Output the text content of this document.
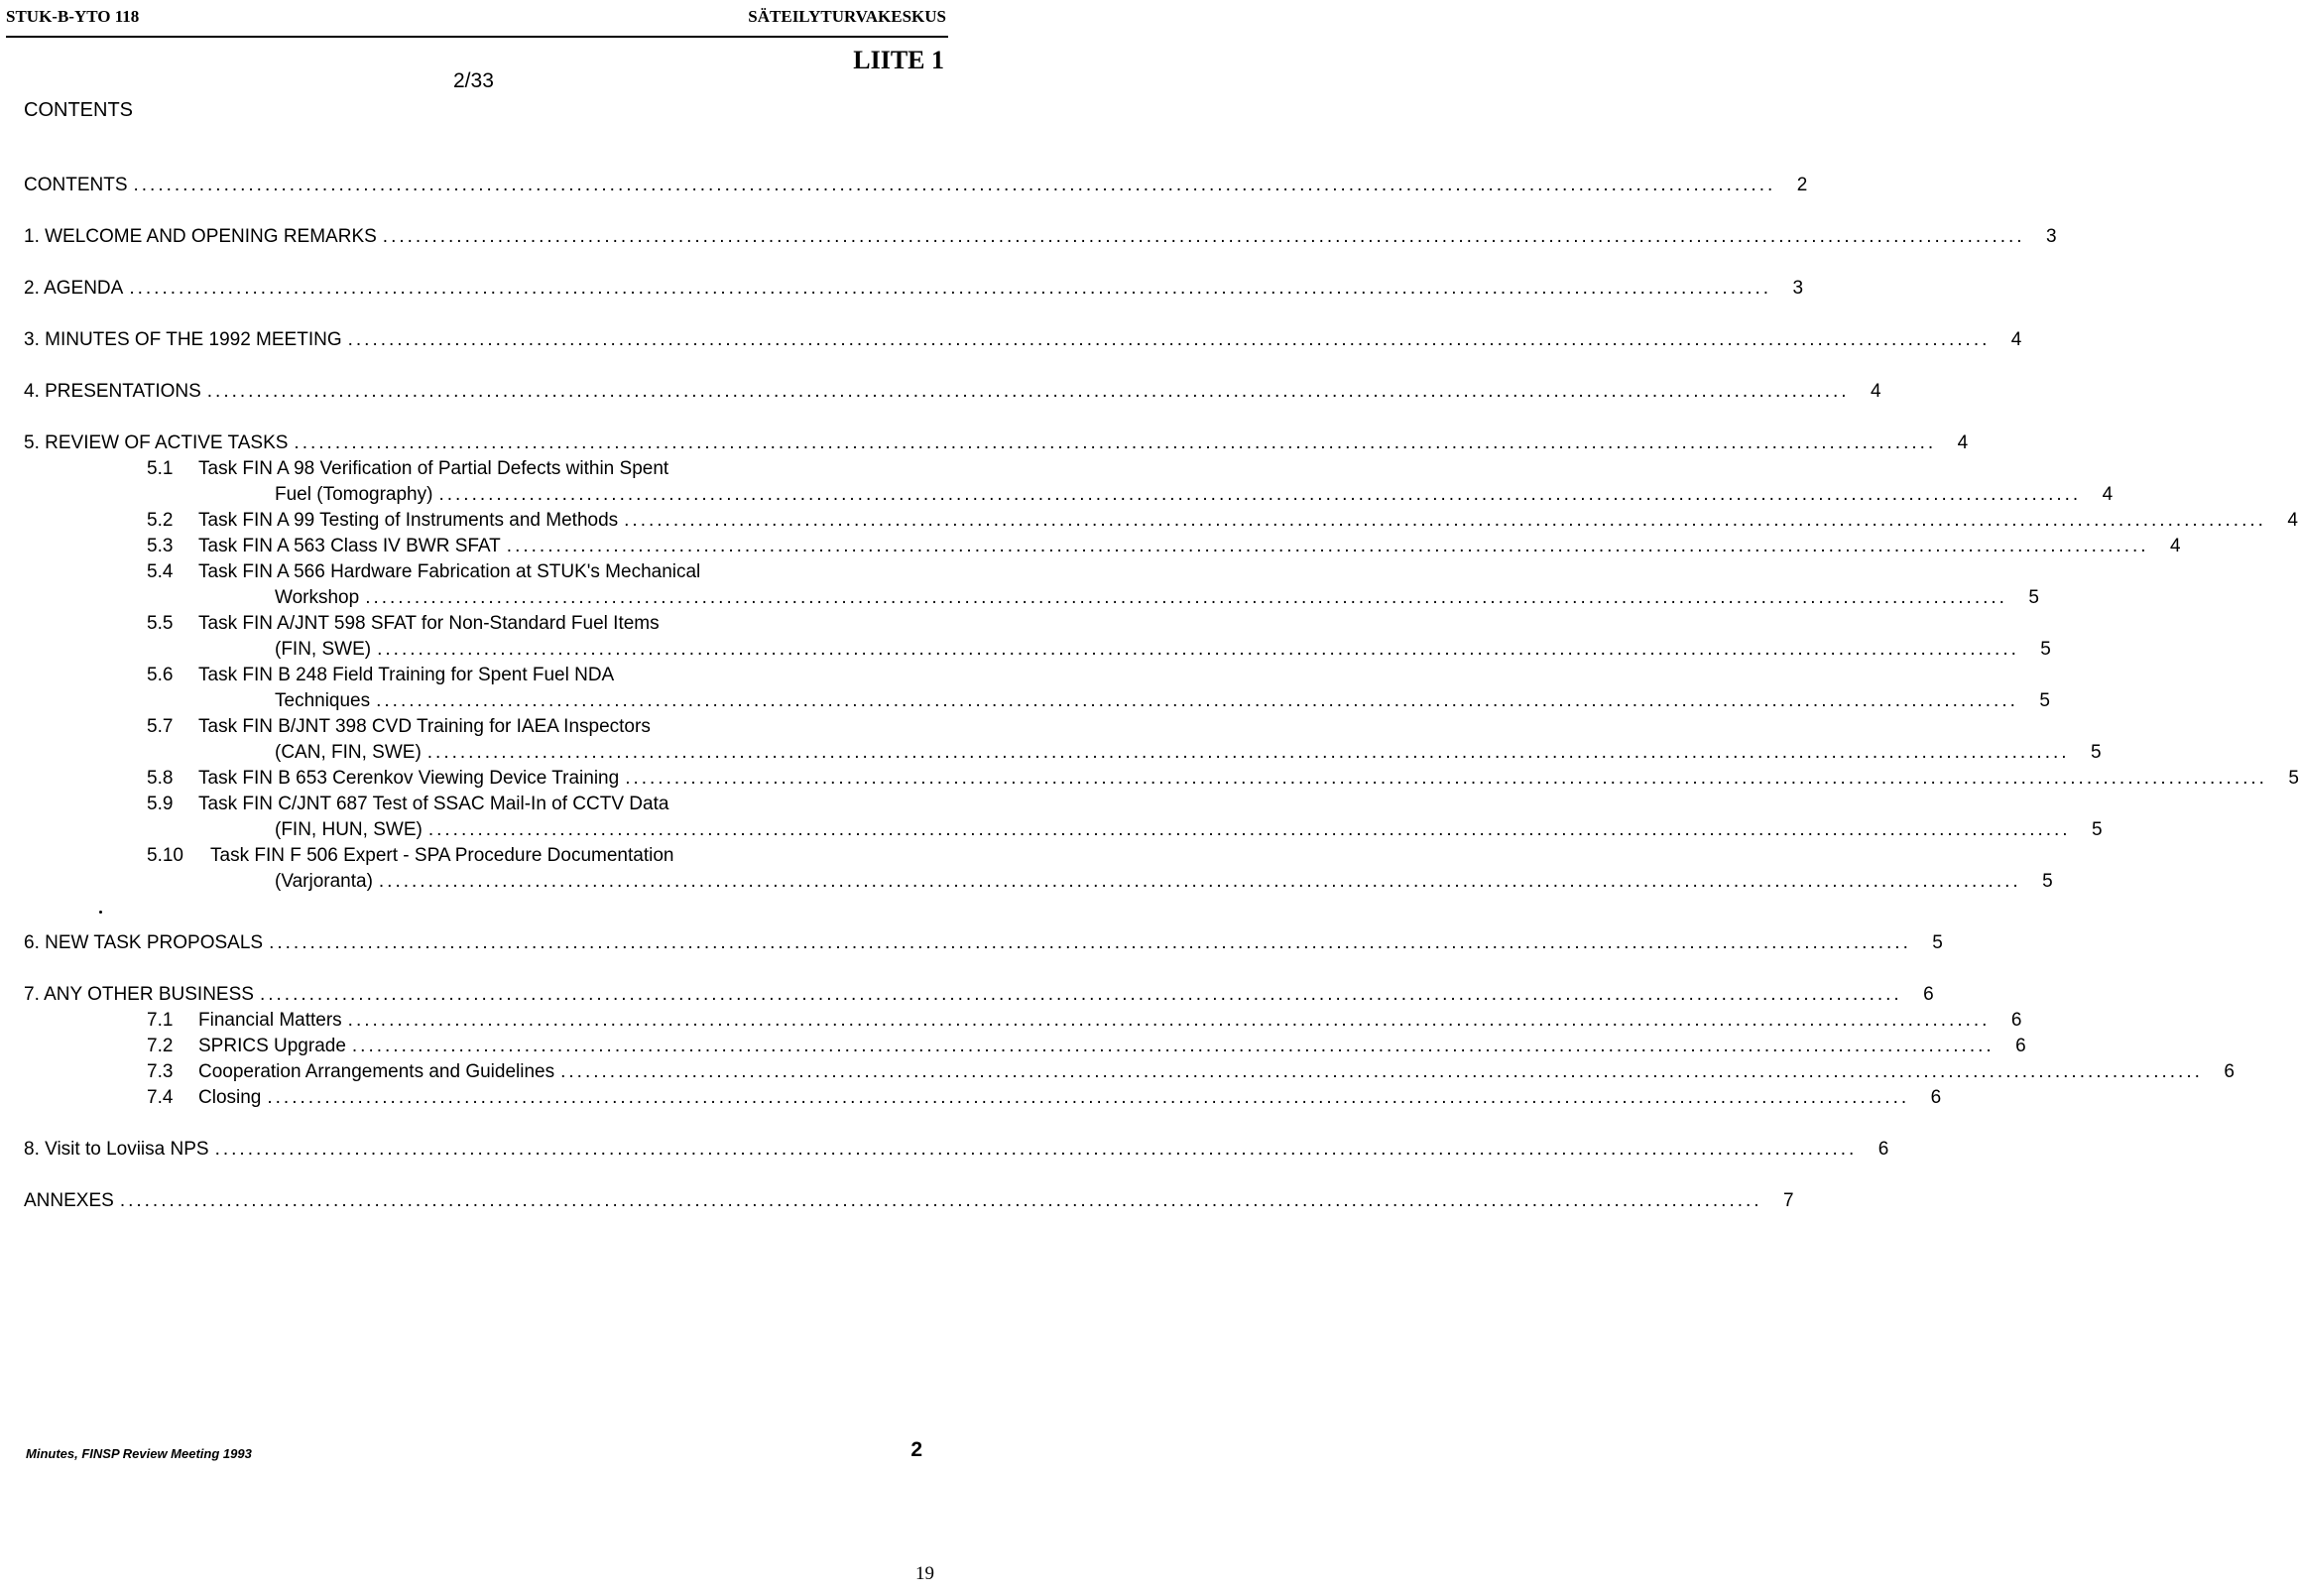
STUK-B-YTO 118	SÄTEILYTURVAKESKUS
LIITE 1
2/33
CONTENTS
CONTENTS ........................................................................................................................................................................................................	2
1. WELCOME AND OPENING REMARKS ........................................................................................................................................................................................................	3
2. AGENDA ........................................................................................................................................................................................................	3
3. MINUTES OF THE 1992 MEETING ........................................................................................................................................................................................................	4
4. PRESENTATIONS ........................................................................................................................................................................................................	4
5. REVIEW OF ACTIVE TASKS ........................................................................................................................................................................................................	4
5.1 Task FIN A 98 Verification of Partial Defects within Spent
Fuel (Tomography) ........................................................................................................................................................................................................	4
5.2 Task FIN A 99 Testing of Instruments and Methods ........................................................................................................................................................................................................	4
5.3 Task FIN A 563 Class IV BWR SFAT ........................................................................................................................................................................................................	4
5.4 Task FIN A 566 Hardware Fabrication at STUK's Mechanical
Workshop ........................................................................................................................................................................................................	5
5.5 Task FIN A/JNT 598 SFAT for Non-Standard Fuel Items
(FIN, SWE) ........................................................................................................................................................................................................	5
5.6 Task FIN B 248 Field Training for Spent Fuel NDA
Techniques ........................................................................................................................................................................................................	5
5.7 Task FIN B/JNT 398 CVD Training for IAEA Inspectors
(CAN, FIN, SWE) ........................................................................................................................................................................................................	5
5.8 Task FIN B 653 Cerenkov Viewing Device Training ........................................................................................................................................................................................................	5
5.9 Task FIN C/JNT 687 Test of SSAC Mail-In of CCTV Data
(FIN, HUN, SWE) ........................................................................................................................................................................................................	5
5.10 Task FIN F 506 Expert - SPA Procedure Documentation
(Varjoranta) ........................................................................................................................................................................................................	5
6. NEW TASK PROPOSALS ........................................................................................................................................................................................................	5
7. ANY OTHER BUSINESS ........................................................................................................................................................................................................	6
7.1 Financial Matters ........................................................................................................................................................................................................	6
7.2 SPRICS Upgrade ........................................................................................................................................................................................................	6
7.3 Cooperation Arrangements and Guidelines ........................................................................................................................................................................................................	6
7.4 Closing ........................................................................................................................................................................................................	6
8. Visit to Loviisa NPS ........................................................................................................................................................................................................	6
ANNEXES ........................................................................................................................................................................................................	7
Minutes, FINSP Review Meeting 1993	2
19
